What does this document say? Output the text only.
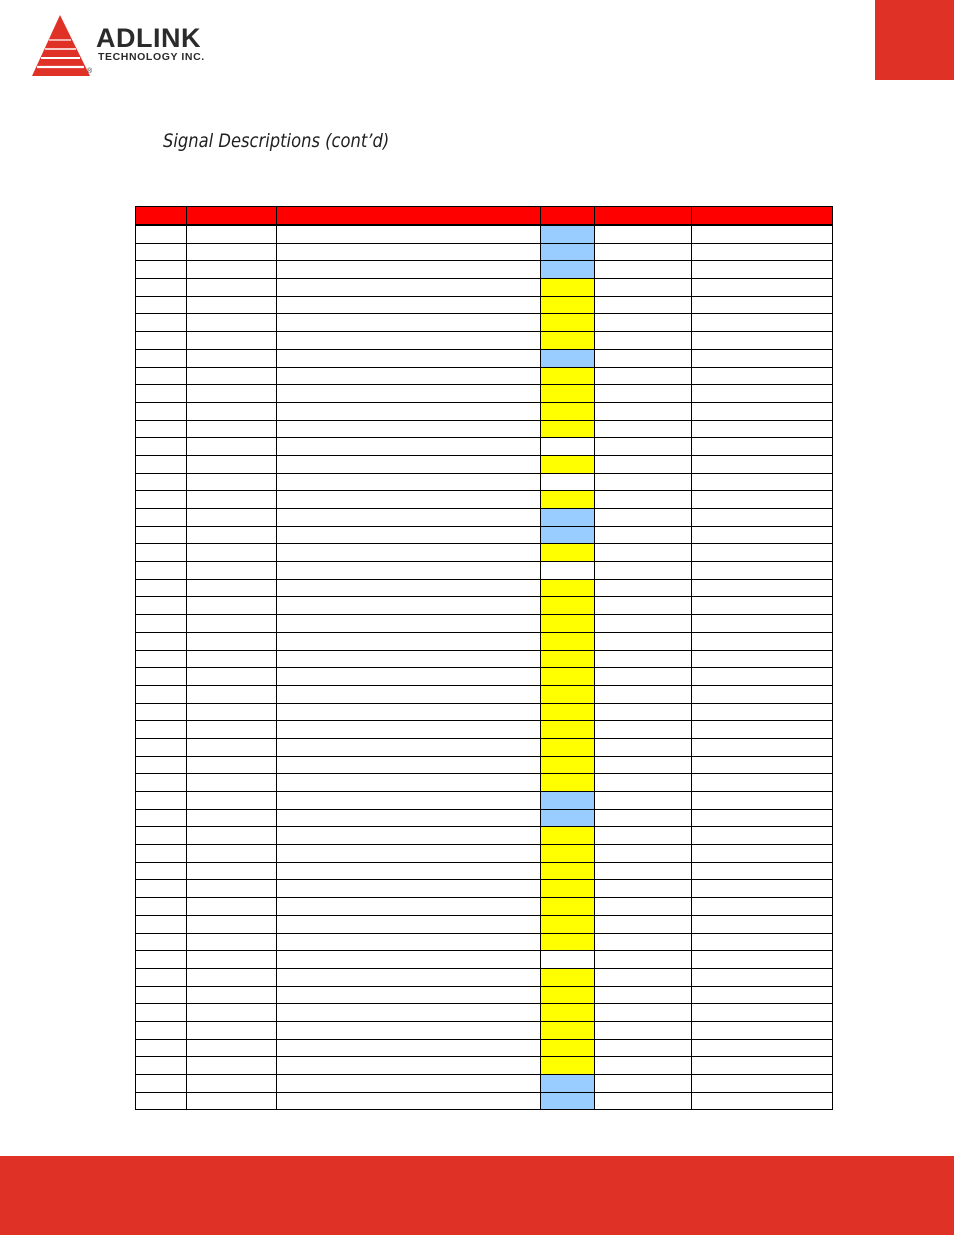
ADLINK
TECHNOLOGY INC.
®
Signal Descriptions (cont’d)
